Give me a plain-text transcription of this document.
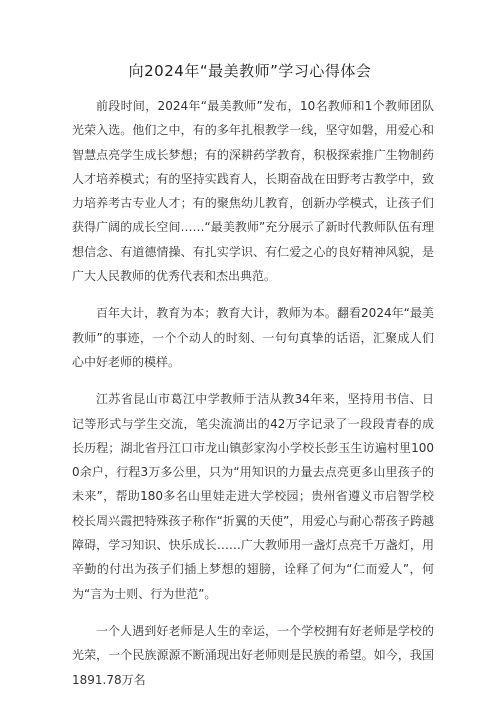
向2024年“最美教师”学习心得体会

前段时间，2024年“最美教师”发布，10名教师和1个教师团队光荣入选。他们之中，有的多年扎根教学一线，坚守如磐，用爱心和智慧点亮学生成长梦想；有的深耕药学教育，积极探索推广生物制药人才培养模式；有的坚持实践育人，长期奋战在田野考古教学中，致力培养考古专业人才；有的聚焦幼儿教育，创新办学模式，让孩子们获得广阔的成长空间……“最美教师”充分展示了新时代教师队伍有理想信念、有道德情操、有扎实学识、有仁爱之心的良好精神风貌，是广大人民教师的优秀代表和杰出典范。

百年大计，教育为本；教育大计，教师为本。翻看2024年“最美教师”的事迹，一个个动人的时刻、一句句真挚的话语，汇聚成人们心中好老师的模样。

江苏省昆山市葛江中学教师于洁从教34年来，坚持用书信、日记等形式与学生交流，笔尖流淌出的42万字记录了一段段青春的成长历程；湖北省丹江口市龙山镇彭家沟小学校长彭玉生访遍村里1000余户，行程3万多公里，只为“用知识的力量去点亮更多山里孩子的未来”，帮助180多名山里娃走进大学校园；贵州省遵义市启智学校校长周兴霞把特殊孩子称作“折翼的天使”，用爱心与耐心帮孩子跨越障碍，学习知识、快乐成长……广大教师用一盏灯点亮千万盏灯，用辛勤的付出为孩子们插上梦想的翅膀，诠释了何为“仁而爱人”，何为“言为士则、行为世范”。

一个人遇到好老师是人生的幸运，一个学校拥有好老师是学校的光荣，一个民族源源不断涌现出好老师则是民族的希望。如今，我国1891.78万名
